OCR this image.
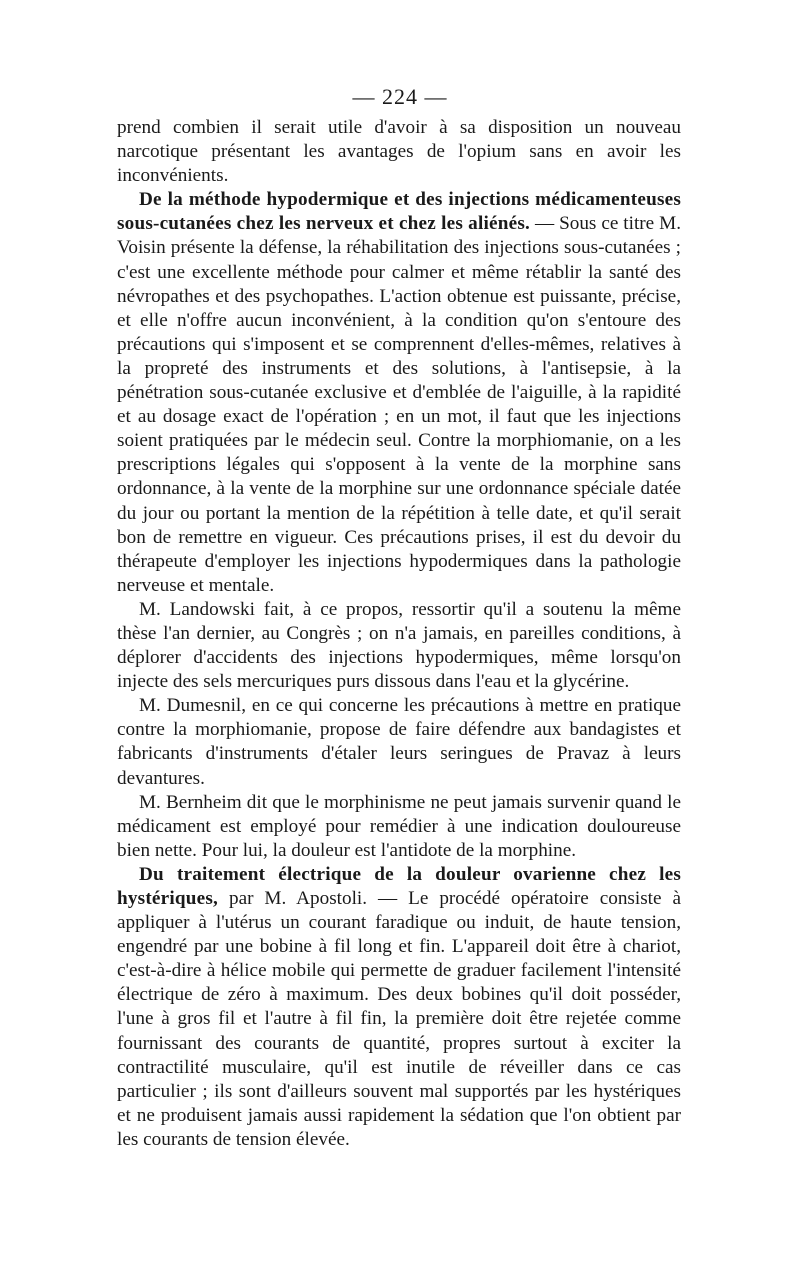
— 224 —

prend combien il serait utile d'avoir à sa disposition un nouveau narcotique présentant les avantages de l'opium sans en avoir les inconvénients.

De la méthode hypodermique et des injections médicamenteuses sous-cutanées chez les nerveux et chez les aliénés. — Sous ce titre M. Voisin présente la défense, la réhabilitation des injections sous-cutanées ; c'est une excellente méthode pour calmer et même rétablir la santé des névropathes et des psychopathes. L'action obtenue est puissante, précise, et elle n'offre aucun inconvénient, à la condition qu'on s'entoure des précautions qui s'imposent et se comprennent d'elles-mêmes, relatives à la propreté des instruments et des solutions, à l'antisepsie, à la pénétration sous-cutanée exclusive et d'emblée de l'aiguille, à la rapidité et au dosage exact de l'opération ; en un mot, il faut que les injections soient pratiquées par le médecin seul. Contre la morphiomanie, on a les prescriptions légales qui s'opposent à la vente de la morphine sans ordonnance, à la vente de la morphine sur une ordonnance spéciale datée du jour ou portant la mention de la répétition à telle date, et qu'il serait bon de remettre en vigueur. Ces précautions prises, il est du devoir du thérapeute d'employer les injections hypodermiques dans la pathologie nerveuse et mentale.

M. Landowski fait, à ce propos, ressortir qu'il a soutenu la même thèse l'an dernier, au Congrès ; on n'a jamais, en pareilles conditions, à déplorer d'accidents des injections hypodermiques, même lorsqu'on injecte des sels mercuriques purs dissous dans l'eau et la glycérine.

M. Dumesnil, en ce qui concerne les précautions à mettre en pratique contre la morphiomanie, propose de faire défendre aux bandagistes et fabricants d'instruments d'étaler leurs seringues de Pravaz à leurs devantures.

M. Bernheim dit que le morphinisme ne peut jamais survenir quand le médicament est employé pour remédier à une indication douloureuse bien nette. Pour lui, la douleur est l'antidote de la morphine.

Du traitement électrique de la douleur ovarienne chez les hystériques, par M. Apostoli. — Le procédé opératoire consiste à appliquer à l'utérus un courant faradique ou induit, de haute tension, engendré par une bobine à fil long et fin. L'appareil doit être à chariot, c'est-à-dire à hélice mobile qui permette de graduer facilement l'intensité électrique de zéro à maximum. Des deux bobines qu'il doit posséder, l'une à gros fil et l'autre à fil fin, la première doit être rejetée comme fournissant des courants de quantité, propres surtout à exciter la contractilité musculaire, qu'il est inutile de réveiller dans ce cas particulier ; ils sont d'ailleurs souvent mal supportés par les hystériques et ne produisent jamais aussi rapidement la sédation que l'on obtient par les courants de tension élevée.
